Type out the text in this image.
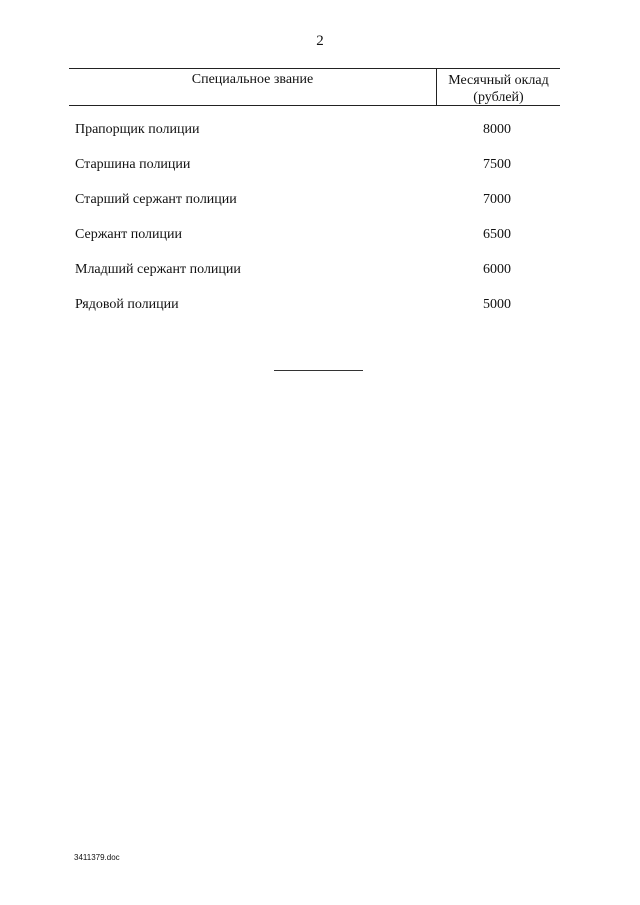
2
Специальное звание	Месячный оклад
(рублей)
Прапорщик полиции	8000
Старшина полиции	7500
Старший сержант полиции	7000
Сержант полиции	6500
Младший сержант полиции	6000
Рядовой полиции	5000
3411379.doc
